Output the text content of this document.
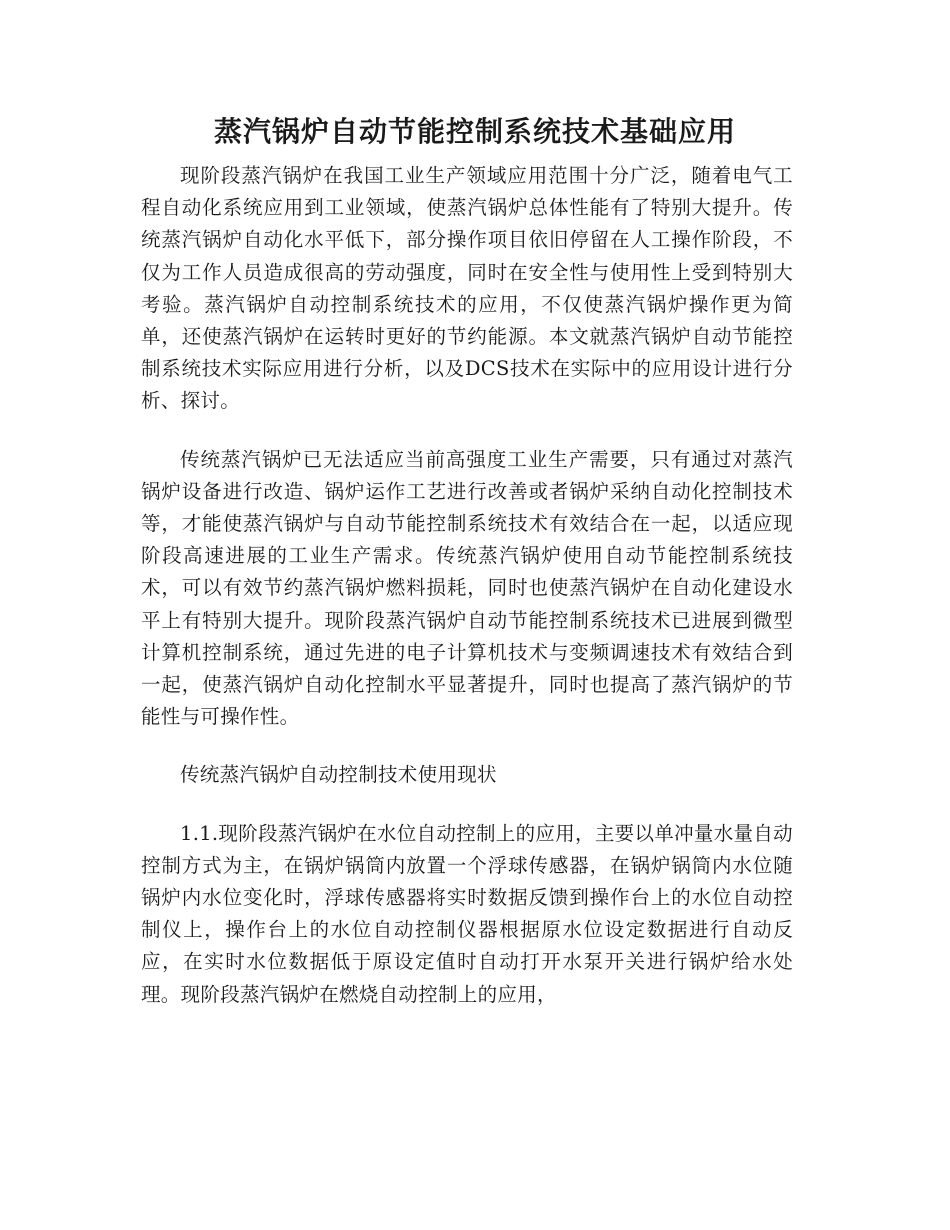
蒸汽锅炉自动节能控制系统技术基础应用

现阶段蒸汽锅炉在我国工业生产领域应用范围十分广泛，随着电气工程自动化系统应用到工业领域，使蒸汽锅炉总体性能有了特别大提升。传统蒸汽锅炉自动化水平低下，部分操作项目依旧停留在人工操作阶段，不仅为工作人员造成很高的劳动强度，同时在安全性与使用性上受到特别大考验。蒸汽锅炉自动控制系统技术的应用，不仅使蒸汽锅炉操作更为简单，还使蒸汽锅炉在运转时更好的节约能源。本文就蒸汽锅炉自动节能控制系统技术实际应用进行分析，以及DCS技术在实际中的应用设计进行分析、探讨。

传统蒸汽锅炉已无法适应当前高强度工业生产需要，只有通过对蒸汽锅炉设备进行改造、锅炉运作工艺进行改善或者锅炉采纳自动化控制技术等，才能使蒸汽锅炉与自动节能控制系统技术有效结合在一起，以适应现阶段高速进展的工业生产需求。传统蒸汽锅炉使用自动节能控制系统技术，可以有效节约蒸汽锅炉燃料损耗，同时也使蒸汽锅炉在自动化建设水平上有特别大提升。现阶段蒸汽锅炉自动节能控制系统技术已进展到微型计算机控制系统，通过先进的电子计算机技术与变频调速技术有效结合到一起，使蒸汽锅炉自动化控制水平显著提升，同时也提高了蒸汽锅炉的节能性与可操作性。

传统蒸汽锅炉自动控制技术使用现状

1.1.现阶段蒸汽锅炉在水位自动控制上的应用，主要以单冲量水量自动控制方式为主，在锅炉锅筒内放置一个浮球传感器，在锅炉锅筒内水位随锅炉内水位变化时，浮球传感器将实时数据反馈到操作台上的水位自动控制仪上，操作台上的水位自动控制仪器根据原水位设定数据进行自动反应，在实时水位数据低于原设定值时自动打开水泵开关进行锅炉给水处理。现阶段蒸汽锅炉在燃烧自动控制上的应用，
